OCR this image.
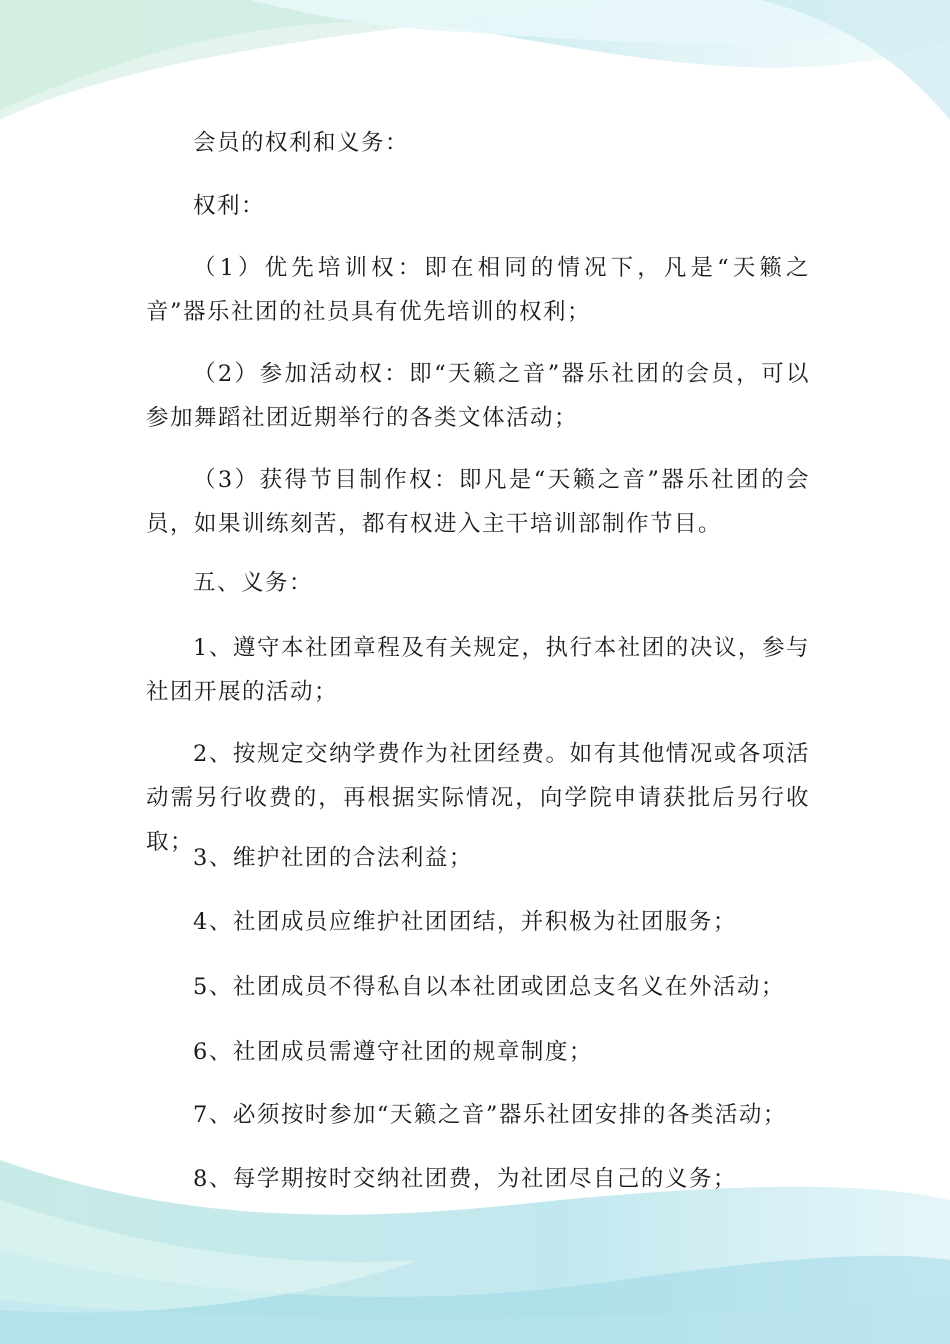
会员的权利和义务：

权利：

（1）优先培训权：即在相同的情况下，凡是“天籁之音”器乐社团的社员具有优先培训的权利；

（2）参加活动权：即“天籁之音”器乐社团的会员，可以参加舞蹈社团近期举行的各类文体活动；

（3）获得节目制作权：即凡是“天籁之音”器乐社团的会员，如果训练刻苦，都有权进入主干培训部制作节目。

五、义务：

1、遵守本社团章程及有关规定，执行本社团的决议，参与社团开展的活动；

2、按规定交纳学费作为社团经费。如有其他情况或各项活动需另行收费的，再根据实际情况，向学院申请获批后另行收取；

3、维护社团的合法利益；

4、社团成员应维护社团团结，并积极为社团服务；

5、社团成员不得私自以本社团或团总支名义在外活动；

6、社团成员需遵守社团的规章制度；

7、必须按时参加“天籁之音”器乐社团安排的各类活动；

8、每学期按时交纳社团费，为社团尽自己的义务；
